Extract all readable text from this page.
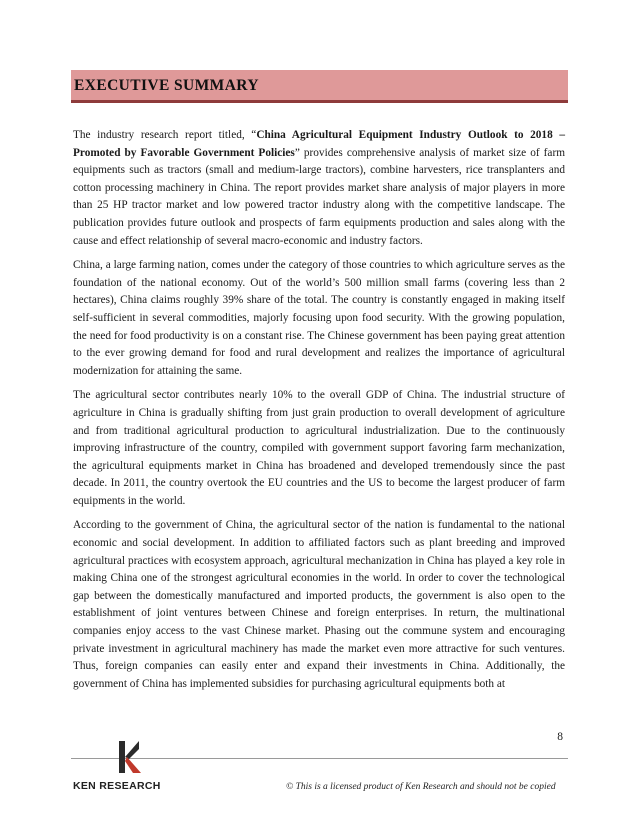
EXECUTIVE SUMMARY

The industry research report titled, “China Agricultural Equipment Industry Outlook to 2018 – Promoted by Favorable Government Policies” provides comprehensive analysis of market size of farm equipments such as tractors (small and medium-large tractors), combine harvesters, rice transplanters and cotton processing machinery in China. The report provides market share analysis of major players in more than 25 HP tractor market and low powered tractor industry along with the competitive landscape. The publication provides future outlook and prospects of farm equipments production and sales along with the cause and effect relationship of several macro-economic and industry factors.

China, a large farming nation, comes under the category of those countries to which agriculture serves as the foundation of the national economy. Out of the world’s 500 million small farms (covering less than 2 hectares), China claims roughly 39% share of the total. The country is constantly engaged in making itself self-sufficient in several commodities, majorly focusing upon food security. With the growing population, the need for food productivity is on a constant rise. The Chinese government has been paying great attention to the ever growing demand for food and rural development and realizes the importance of agricultural modernization for attaining the same.

The agricultural sector contributes nearly 10% to the overall GDP of China. The industrial structure of agriculture in China is gradually shifting from just grain production to overall development of agriculture and from traditional agricultural production to agricultural industrialization. Due to the continuously improving infrastructure of the country, compiled with government support favoring farm mechanization, the agricultural equipments market in China has broadened and developed tremendously since the past decade. In 2011, the country overtook the EU countries and the US to become the largest producer of farm equipments in the world.

According to the government of China, the agricultural sector of the nation is fundamental to the national economic and social development. In addition to affiliated factors such as plant breeding and improved agricultural practices with ecosystem approach, agricultural mechanization in China has played a key role in making China one of the strongest agricultural economies in the world. In order to cover the technological gap between the domestically manufactured and imported products, the government is also open to the establishment of joint ventures between Chinese and foreign enterprises. In return, the multinational companies enjoy access to the vast Chinese market. Phasing out the commune system and encouraging private investment in agricultural machinery has made the market even more attractive for such ventures. Thus, foreign companies can easily enter and expand their investments in China. Additionally, the government of China has implemented subsidies for purchasing agricultural equipments both at

8
KEN RESEARCH	© This is a licensed product of Ken Research and should not be copied
